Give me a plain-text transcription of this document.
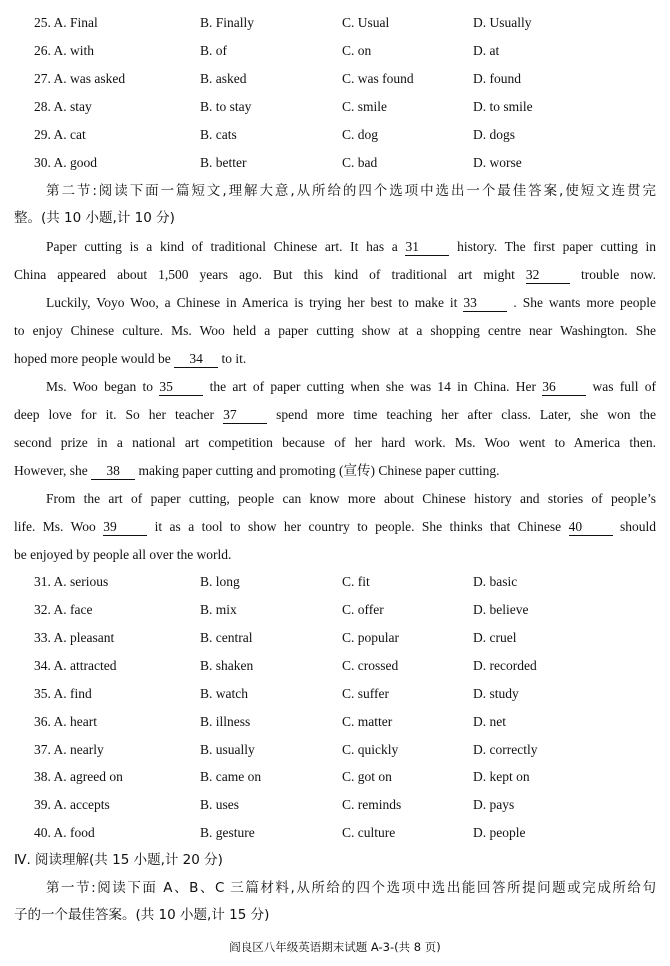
25. A. Final	B. Finally	C. Usual	D. Usually
26. A. with	B. of	C. on	D. at
27. A. was asked	B. asked	C. was found	D. found
28. A. stay	B. to stay	C. smile	D. to smile
29. A. cat	B. cats	C. dog	D. dogs
30. A. good	B. better	C. bad	D. worse
第二节:阅读下面一篇短文,理解大意,从所给的四个选项中选出一个最佳答案,使短文连贯完
整。(共 10 小题,计 10 分)
Paper cutting is a kind of traditional Chinese art. It has a 31	history. The first paper cutting in
China appeared about 1,500 years ago. But this kind of traditional art might 32	trouble now.
Luckily, Voyo Woo, a Chinese in America is trying her best to make it 33	. She wants more people
to enjoy Chinese culture. Ms. Woo held a paper cutting show at a shopping centre near Washington. She
hoped more people would be 34 to it.
Ms. Woo began to 35	the art of paper cutting when she was 14 in China. Her 36	was full of
deep love for it. So her teacher 37	spend more time teaching her after class. Later, she won the
second prize in a national art competition because of her hard work. Ms. Woo went to America then.
However, she 38 making paper cutting and promoting (宣传) Chinese paper cutting.
From the art of paper cutting, people can know more about Chinese history and stories of people’s
life. Ms. Woo 39	it as a tool to show her country to people. She thinks that Chinese 40	should
be enjoyed by people all over the world.
31. A. serious	B. long	C. fit	D. basic
32. A. face	B. mix	C. offer	D. believe
33. A. pleasant	B. central	C. popular	D. cruel
34. A. attracted	B. shaken	C. crossed	D. recorded
35. A. find	B. watch	C. suffer	D. study
36. A. heart	B. illness	C. matter	D. net
37. A. nearly	B. usually	C. quickly	D. correctly
38. A. agreed on	B. came on	C. got on	D. kept on
39. A. accepts	B. uses	C. reminds	D. pays
40. A. food	B. gesture	C. culture	D. people
Ⅳ. 阅读理解(共 15 小题,计 20 分)
第一节:阅读下面 A、B、C 三篇材料,从所给的四个选项中选出能回答所提问题或完成所给句
子的一个最佳答案。(共 10 小题,计 15 分)
阎良区八年级英语期末试题 A-3-(共 8 页)
